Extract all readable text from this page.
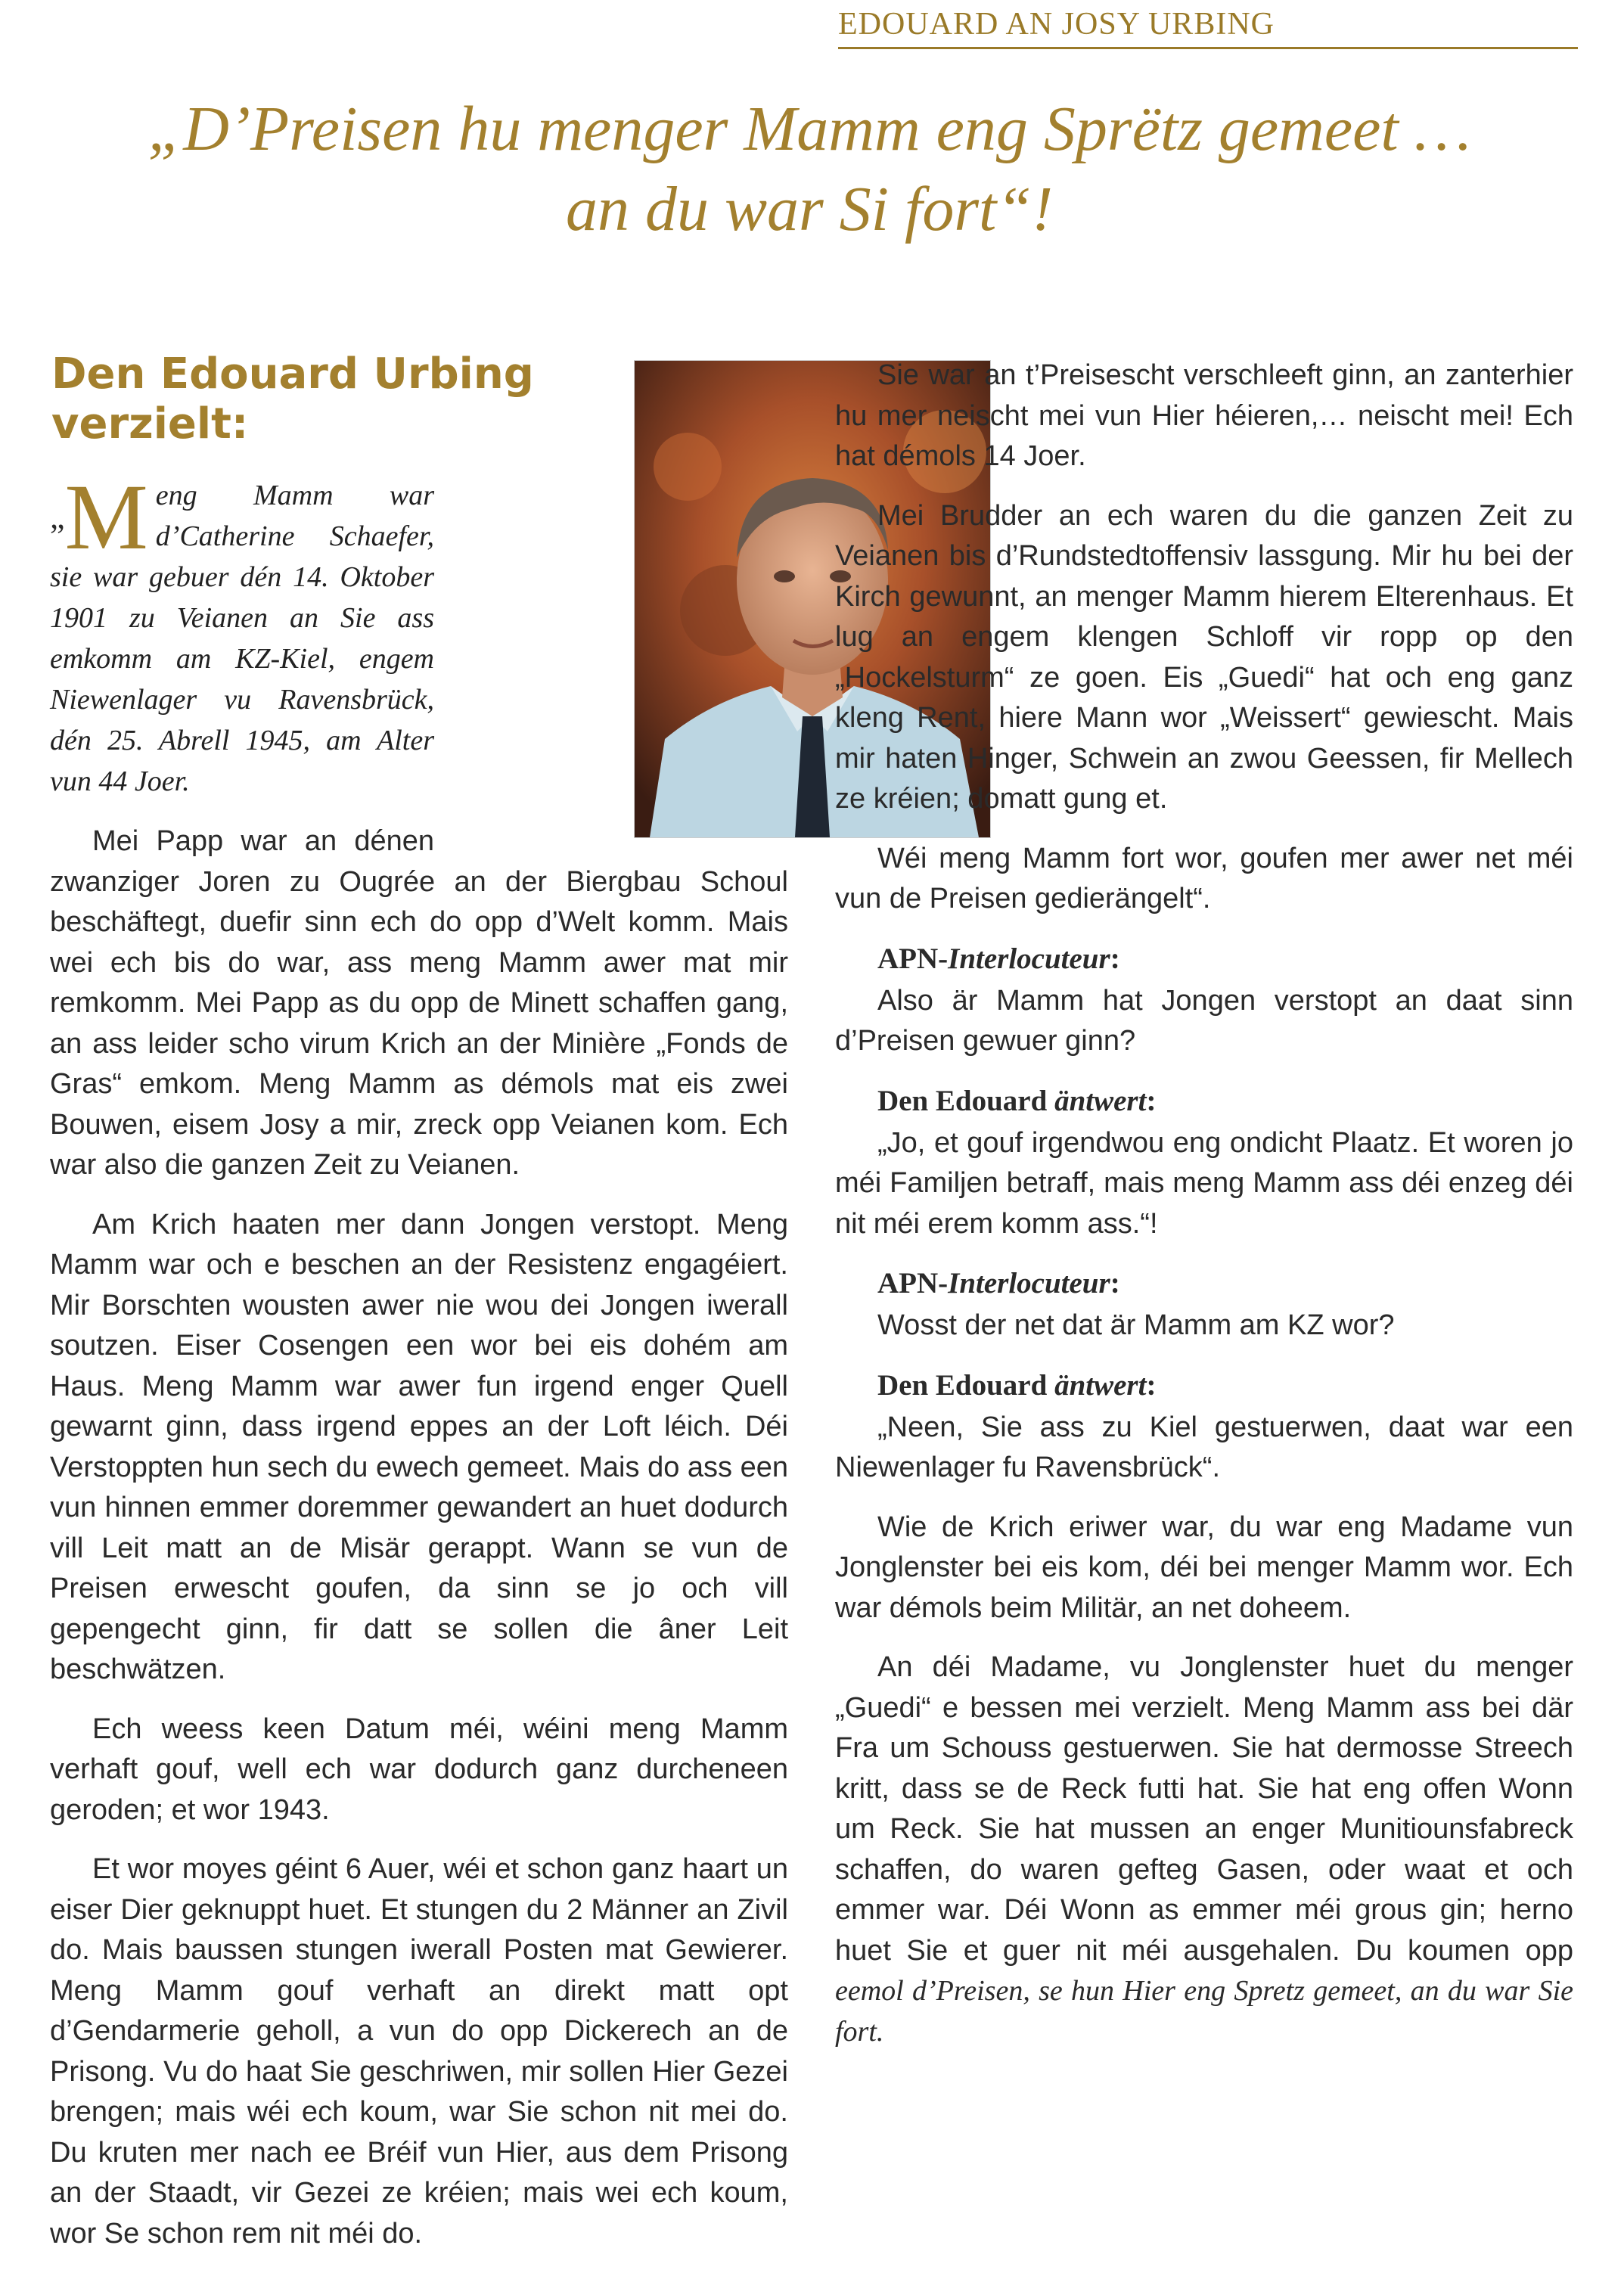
EDOUARD AN JOSY URBING
„D’Preisen hu menger Mamm eng Sprëtz gemeet …
an du war Si fort“!
Den Edouard Urbing
verzielt:
„M eng Mamm war d’Catherine Schaefer, sie war gebuer dén 14. Oktober 1901 zu Veianen an Sie ass emkomm am KZ-Kiel, engem Niewenlager vu Ravensbrück, dén 25. Abrell 1945, am Alter vun 44 Joer.

Mei Papp war an dénen zwanziger Joren zu Ougrée an der Biergbau Schoul beschäftegt, duefir sinn ech do opp d’Welt komm. Mais wei ech bis do war, ass meng Mamm awer mat mir remkomm. Mei Papp as du opp de Minett schaffen gang, an ass leider scho virum Krich an der Minière „Fonds de Gras“ emkom. Meng Mamm as démols mat eis zwei Bouwen, eisem Josy a mir, zreck opp Veianen kom. Ech war also die ganzen Zeit zu Veianen.

Am Krich haaten mer dann Jongen verstopt. Meng Mamm war och e beschen an der Resistenz engagéiert. Mir Borschten wousten awer nie wou dei Jongen iwerall soutzen. Eiser Cosengen een wor bei eis dohém am Haus. Meng Mamm war awer fun irgend enger Quell gewarnt ginn, dass irgend eppes an der Loft léich. Déi Verstoppten hun sech du ewech gemeet. Mais do ass een vun hinnen emmer doremmer gewandert an huet dodurch vill Leit matt an de Misär gerappt. Wann se vun de Preisen erwescht goufen, da sinn se jo och vill gepengecht ginn, fir datt se sollen die âner Leit beschwätzen.

Ech weess keen Datum méi, wéini meng Mamm verhaft gouf, well ech war dodurch ganz durcheneen geroden; et wor 1943.

Et wor moyes géint 6 Auer, wéi et schon ganz haart un eiser Dier geknuppt huet. Et stungen du 2 Männer an Zivil do. Mais baussen stungen iwerall Posten mat Gewierer. Meng Mamm gouf verhaft an direkt matt opt d’Gendarmerie geholl, a vun do opp Dickerech an de Prisong. Vu do haat Sie geschriwen, mir sollen Hier Gezei brengen; mais wéi ech koum, war Sie schon nit mei do. Du kruten mer nach ee Bréif vun Hier, aus dem Prisong an der Staadt, vir Gezei ze kréien; mais wei ech koum, wor Se schon rem nit méi do.

Sie war an t’Preisescht verschleeft ginn, an zanterhier hu mer neischt mei vun Hier héieren,… neischt mei! Ech hat démols 14 Joer.

Mei Brudder an ech waren du die ganzen Zeit zu Veianen bis d’Rundstedtoffensiv lassgung. Mir hu bei der Kirch gewunnt, an menger Mamm hierem Elterenhaus. Et lug an engem klengen Schloff vir ropp op den „Hockelsturm“ ze goen. Eis „Guedi“ hat och eng ganz kleng Rent, hiere Mann wor „Weissert“ gewiescht. Mais mir haten Hinger, Schwein an zwou Geessen, fir Mellech ze kréien; domatt gung et.

Wéi meng Mamm fort wor, goufen mer awer net méi vun de Preisen gedierängelt“.

APN-Interlocuteur:

Also är Mamm hat Jongen verstopt an daat sinn d’Preisen gewuer ginn?

Den Edouard äntwert:

„Jo, et gouf irgendwou eng ondicht Plaatz. Et woren jo méi Familjen betraff, mais meng Mamm ass déi enzeg déi nit méi erem komm ass.“!

APN-Interlocuteur:

Wosst der net dat är Mamm am KZ wor?

Den Edouard äntwert:

„Neen, Sie ass zu Kiel gestuerwen, daat war een Niewenlager fu Ravensbrück“.

Wie de Krich eriwer war, du war eng Madame vun Jonglenster bei eis kom, déi bei menger Mamm wor. Ech war démols beim Militär, an net doheem.

An déi Madame, vu Jonglenster huet du menger „Guedi“ e bessen mei verzielt. Meng Mamm ass bei där Fra um Schouss gestuerwen. Sie hat dermosse Streech kritt, dass se de Reck futti hat. Sie hat eng offen Wonn um Reck. Sie hat mussen an enger Munitiounsfabreck schaffen, do waren gefteg Gasen, oder waat et och emmer war. Déi Wonn as emmer méi grous gin; herno huet Sie et guer nit méi ausgehalen. Du koumen opp eemol d’Preisen, se hun Hier eng Spretz gemeet, an du war Sie fort.
